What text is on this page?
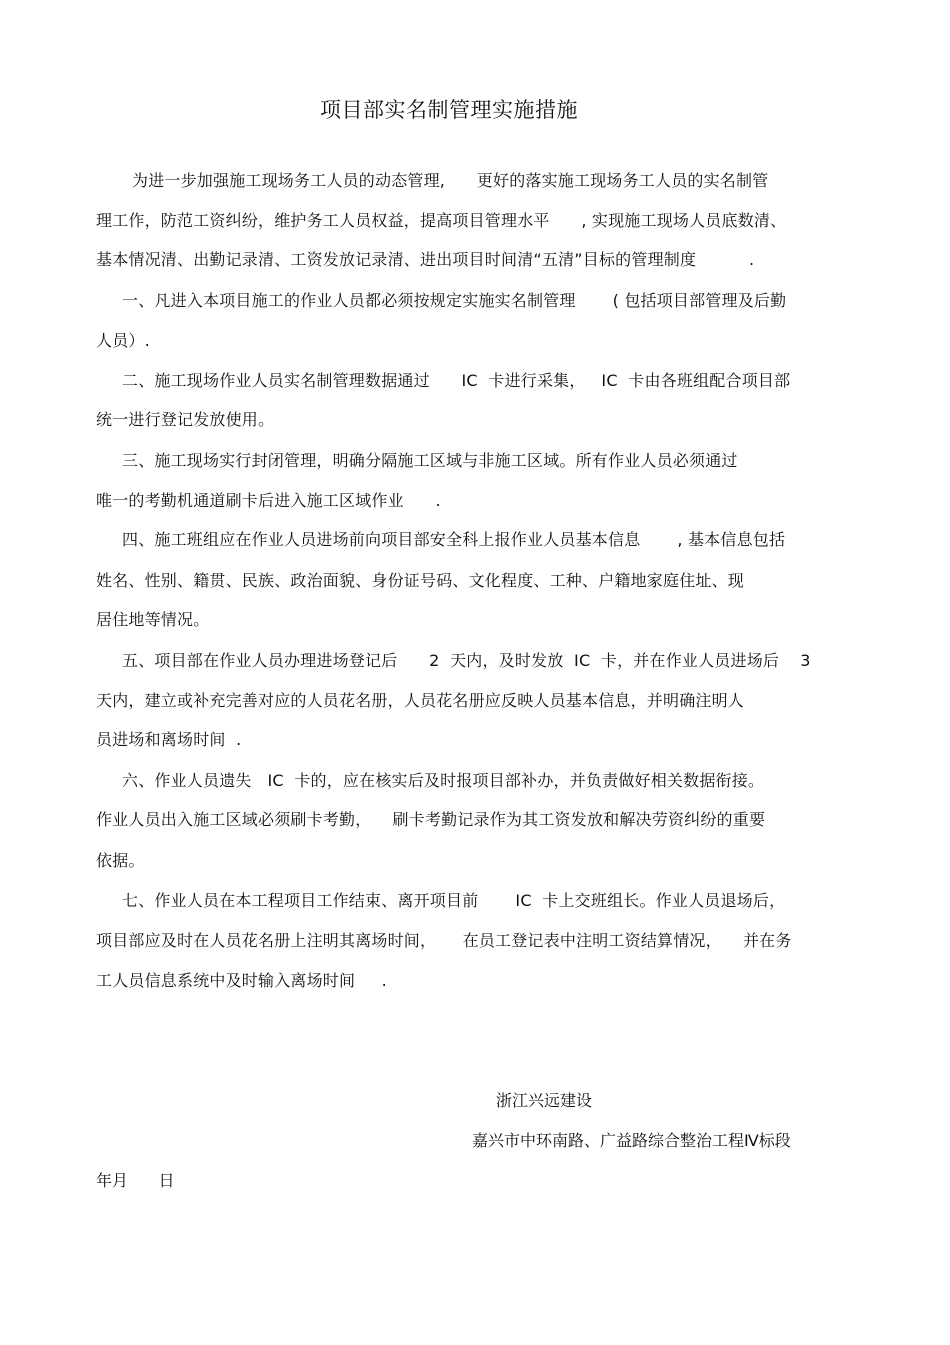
项目部实名制管理实施措施
为进一步加强施工现场务工人员的动态管理,      更好的落实施工现场务工人员的实名制管
理工作，防范工资纠纷，维护务工人员权益，提高项目管理水平      , 实现施工现场人员底数清、
基本情况清、出勤记录清、工资发放记录清、进出项目时间清“五清”目标的管理制度          .
一、凡进入本项目施工的作业人员都必须按规定实施实名制管理       ( 包括项目部管理及后勤
人员）.
二、施工现场作业人员实名制管理数据通过      IC  卡进行采集，   IC  卡由各班组配合项目部
统一进行登记发放使用。
三、施工现场实行封闭管理，明确分隔施工区域与非施工区域。所有作业人员必须通过
唯一的考勤机通道刷卡后进入施工区域作业      .
四、施工班组应在作业人员进场前向项目部安全科上报作业人员基本信息       , 基本信息包括
姓名、性别、籍贯、民族、政治面貌、身份证号码、文化程度、工种、户籍地家庭住址、现
居住地等情况。
五、项目部在作业人员办理进场登记后      2  天内，及时发放  IC  卡，并在作业人员进场后    3
天内，建立或补充完善对应的人员花名册，人员花名册应反映人员基本信息，并明确注明人
员进场和离场时间  .
六、作业人员遗失   IC  卡的，应在核实后及时报项目部补办，并负责做好相关数据衔接。
作业人员出入施工区域必须刷卡考勤，    刷卡考勤记录作为其工资发放和解决劳资纠纷的重要
依据。
七、作业人员在本工程项目工作结束、离开项目前       IC  卡上交班组长。作业人员退场后，
项目部应及时在人员花名册上注明其离场时间，     在员工登记表中注明工资结算情况，    并在务
工人员信息系统中及时输入离场时间     .
浙江兴远建设
嘉兴市中环南路、广益路综合整治工程Ⅳ标段
年月      日
